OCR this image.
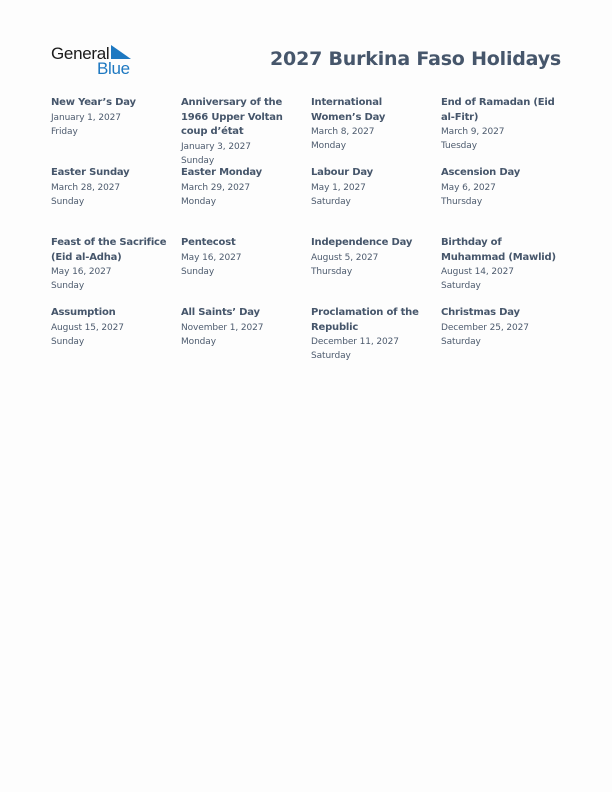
General
Blue	2027 Burkina Faso Holidays
New Year’s Day
January 1, 2027
Friday
Anniversary of the 1966 Upper Voltan coup d’état
January 3, 2027
Sunday
International Women’s Day
March 8, 2027
Monday
End of Ramadan (Eid al-Fitr)
March 9, 2027
Tuesday
Easter Sunday
March 28, 2027
Sunday
Easter Monday
March 29, 2027
Monday
Labour Day
May 1, 2027
Saturday
Ascension Day
May 6, 2027
Thursday
Feast of the Sacrifice (Eid al-Adha)
May 16, 2027
Sunday
Pentecost
May 16, 2027
Sunday
Independence Day
August 5, 2027
Thursday
Birthday of Muhammad (Mawlid)
August 14, 2027
Saturday
Assumption
August 15, 2027
Sunday
All Saints’ Day
November 1, 2027
Monday
Proclamation of the Republic
December 11, 2027
Saturday
Christmas Day
December 25, 2027
Saturday
